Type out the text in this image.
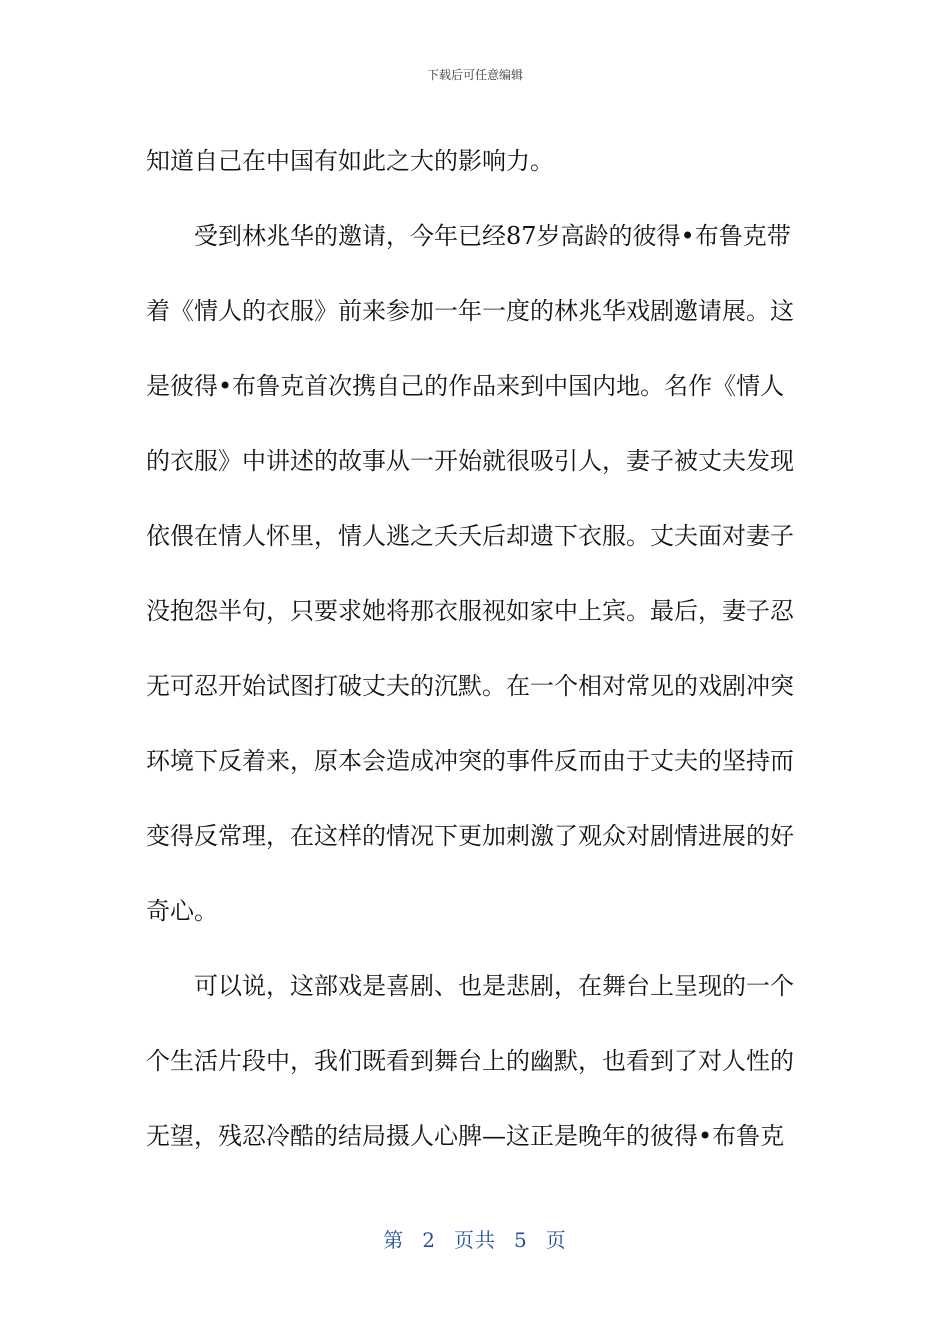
下载后可任意编辑

知道自己在中国有如此之大的影响力。

受到林兆华的邀请，今年已经87岁高龄的彼得•布鲁克带着《情人的衣服》前来参加一年一度的林兆华戏剧邀请展。这是彼得•布鲁克首次携自己的作品来到中国内地。名作《情人的衣服》中讲述的故事从一开始就很吸引人，妻子被丈夫发现依偎在情人怀里，情人逃之夭夭后却遗下衣服。丈夫面对妻子没抱怨半句，只要求她将那衣服视如家中上宾。最后，妻子忍无可忍开始试图打破丈夫的沉默。在一个相对常见的戏剧冲突环境下反着来，原本会造成冲突的事件反而由于丈夫的坚持而变得反常理，在这样的情况下更加刺激了观众对剧情进展的好奇心。

可以说，这部戏是喜剧、也是悲剧，在舞台上呈现的一个个生活片段中，我们既看到舞台上的幽默，也看到了对人性的无望，残忍冷酷的结局摄人心脾—这正是晚年的彼得•布鲁克

第 2 页共 5 页
